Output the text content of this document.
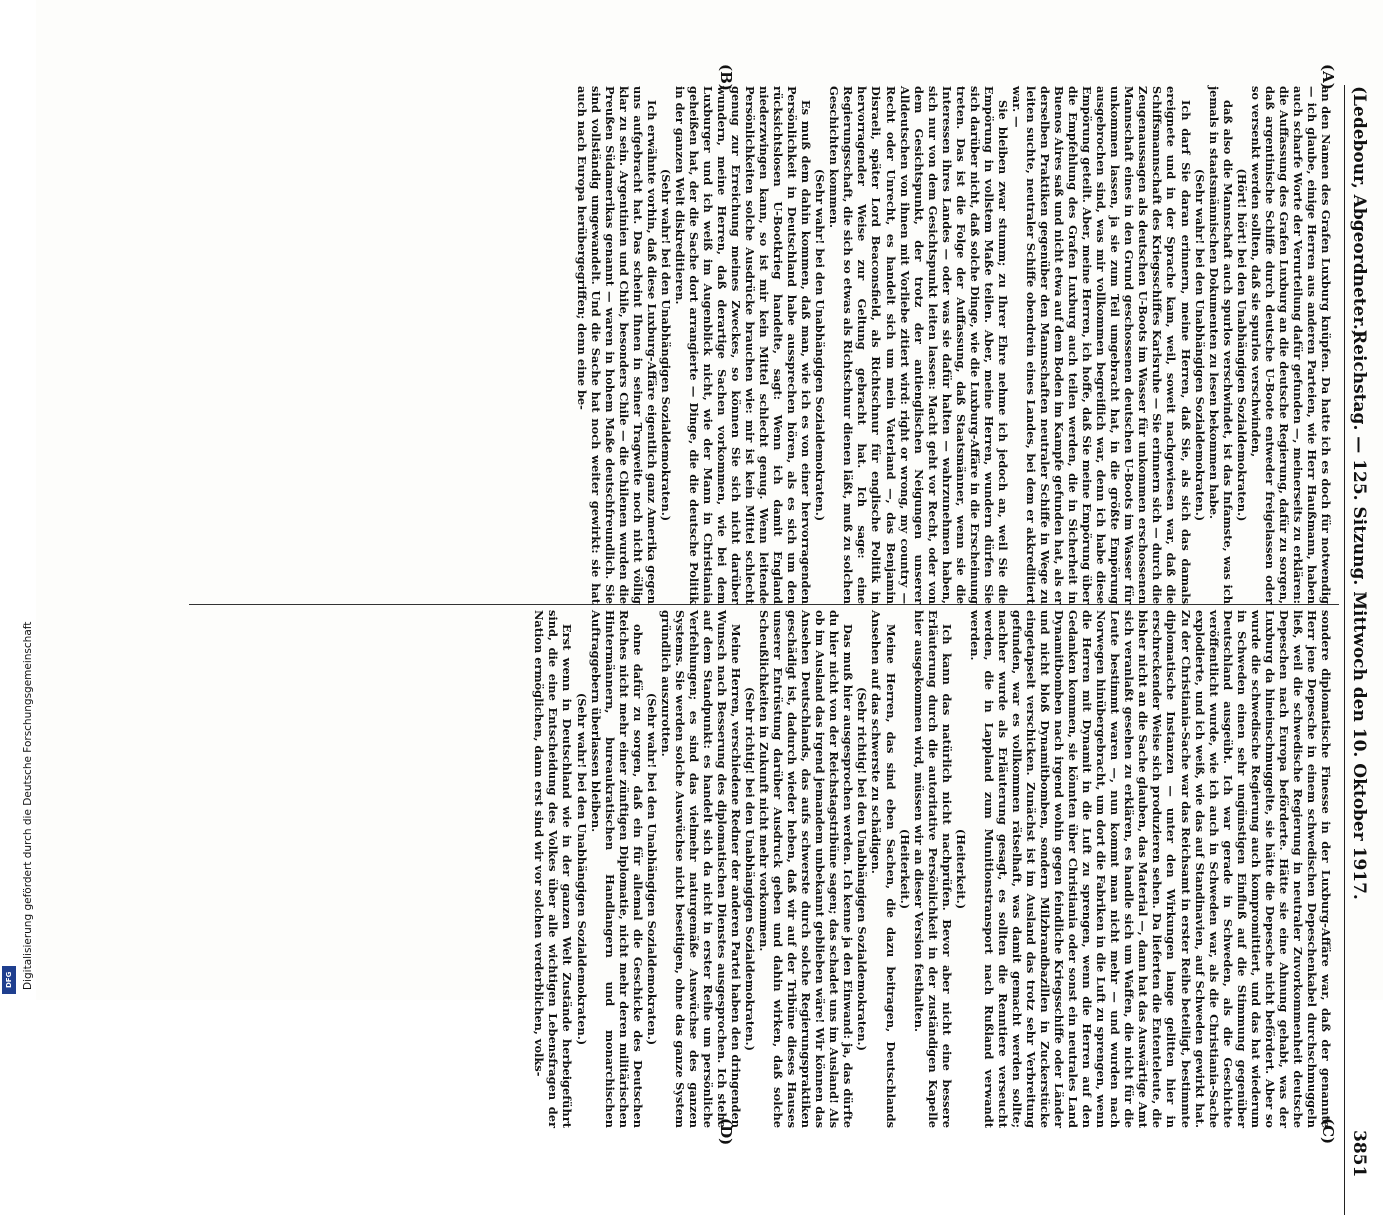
(Ledebour, Abgeordneter.)
Reichstag. — 125. Sitzung. Mittwoch den 10. Oktober 1917.
3851
(A)
(B)
(C)
(D)

an den Namen des Grafen Luxburg knüpfen. Da hatte ich es doch für notwendig — ich glaube, einige Herren aus anderen Parteien, wie Herr Haußmann, haben auch scharfe Worte der Verurteilung dafür gefunden —, meinerseits zu erklären: die Auffassung des Grafen Luxburg an die deutsche Regierung, dafür zu sorgen, daß argentinische Schiffe durch deutsche U-Boote entweder freigelassen oder so versenkt werden sollten, daß sie spurlos verschwinden,

(Hört! hört! bei den Unabhängigen Sozialdemokraten.)

daß also die Mannschaft auch spurlos verschwindet, ist das Infamste, was ich jemals in staatsmännischen Dokumenten zu lesen bekommen habe.

(Sehr wahr! bei den Unabhängigen Sozialdemokraten.)

Ich darf Sie daran erinnern, meine Herren, daß Sie, als sich das damals ereignete und in der Sprache kam, weil, soweit nachgewiesen war, daß die Schiffsmannschaft des Kriegsschiffes Karlsruhe — Sie erinnern sich — durch die Zeugenaussagen als deutschen U-Boots im Wasser für unkommen erschossenen Mannschaft eines in den Grund geschossenen deutschen U-Boots im Wasser für unkommen lassen, ja sie zum Teil umgebracht hat, in die größte Empörung ausgebrochen sind, was mir vollkommen begreiflich war, denn ich habe diese Empörung geteilt. Aber, meine Herren, ich hoffe, daß Sie meine Empörung über die Empfehlung des Grafen Luxburg auch teilen werden, die in Sicherheit in Buenos Aires saß und nicht etwa auf dem Boden im Kampfe gefunden hat, als er derselben Praktiken gegenüber den Mannschaften neutraler Schiffe in Wege zu leiten suchte, neutraler Schiffe obendrein eines Landes, bei dem er akkreditiert war. —

Sie bleiben zwar stumm; zu Ihrer Ehre nehme ich jedoch an, weil Sie die Empörung in vollstem Maße teilen. Aber, meine Herren, wundern dürfen Sie sich darüber nicht, daß solche Dinge, wie die Luxburg-Affäre in die Erscheinung treten. Das ist die Folge der Auffassung, daß Staatsmänner, wenn sie die Interessen ihres Landes — oder was sie dafür halten — wahrzunehmen haben, sich nur von dem Gesichtspunkt leiten lassen: Macht geht vor Recht, oder von dem Gesichtspunkt, der trotz der antienglischen Neigungen unserer Alldeutschen von ihnen mit Vorliebe zitiert wird: right or wrong, my country — Recht oder Unrecht, es handelt sich um mein Vaterland —, das Benjamin Disraeli, später Lord Beaconsfield, als Richtschnur für englische Politik in hervorragender Weise zur Geltung gebracht hat. Ich sage: eine Regierungsschaft, die sich so etwas als Richtschnur dienen läßt, muß zu solchen Geschichten kommen.

(Sehr wahr! bei den Unabhängigen Sozialdemokraten.)

Es muß dem dahin kommen, daß man, wie ich es von einer hervorragenden Persönlichkeit in Deutschland habe aussprechen hören, als es sich um den rücksichtslosen U-Bootkrieg handelte, sagt: Wenn ich damit England niederzwingen kann, so ist mir kein Mittel schlecht genug. Wenn leitende Persönlichkeiten solche Ausdrücke brauchen wie: mir ist kein Mittel schlecht genug zur Erreichung meines Zweckes, so können Sie sich nicht darüber wundern, meine Herren, daß derartige Sachen vorkommen, wie bei dem Luxburger und ich weiß im Augenblick nicht, wie der Mann in Christiania geheißen hat, der die Sache dort arrangierte — Dinge, die die deutsche Politik in der ganzen Welt diskreditieren.

(Sehr wahr! bei den Unabhängigen Sozialdemokraten.)

Ich erwähnte vorhin, daß diese Luxburg-Affäre eigentlich ganz Amerika gegen uns aufgebracht hat. Das scheint Ihnen in seiner Tragweite noch nicht völlig klar zu sein. Argentinien und Chile, besonders Chile — die Chilenen wurden die Preußen Südamerikas genannt — waren in hohem Maße deutschfreundlich. Sie sind vollständig umgewandelt. Und die Sache hat noch weiter gewirkt: sie hat auch nach Europa herübergegriffen; denn eine be-

sondere diplomatische Finesse in der Luxburg-Affäre war, daß der genannte Herr jene Depesche in einem schwedischen Depeschenkabel durchschmuggeln ließ, weil die schwedische Regierung in neutraler Zuvorkommenheit deutsche Depeschen nach Europa beförderte. Hätte sie eine Ahnung gehabt, was der Luxburg da hineinschmuggelte, sie hätte die Depesche nicht befördert. Aber so wurde die schwedische Regierung auch kompromittiert, und das hat wiederum in Schweden einen sehr ungünstigen Einfluß auf die Stimmung gegenüber Deutschland ausgeübt. Ich war gerade in Schweden, als die Geschichte veröffentlicht wurde, wie ich auch in Schweden war, als die Christiania-Sache explodierte, und ich weiß, wie das auf Standinavien, auf Schweden gewirkt hat. Zu der Christiania-Sache war das Reichsamt in erster Reihe beteiligt, bestimmte diplomatische Instanzen — unter den Wirkungen lange gelitten hier in erschreckender Weise sich produzieren sehen. Da lieferten die Ententeleute, die bisher nicht an die Sache glauben, das Material —, dann hat das Auswärtige Amt sich veranlaßt gesehen zu erklären, es handle sich um Waffen, die nicht für die Leute bestimmt waren —, nun kommt man nicht mehr — und wurden nach Norwegen hinübergebracht, um dort die Fabriken in die Luft zu sprengen, wenn die Herren mit Dynamit in die Luft zu sprengen, wenn die Herren auf den Gedanken kommen, sie könnten über Christiania oder sonst ein neutrales Land Dynamitbomben nach irgend wohin gegen feindliche Kriegsschiffe oder Länder und nicht bloß Dynamitbomben, sondern Milzbrandbazillen in Zuckerstücke eingetapselt verschicken. Zunächst ist im Ausland das trotz sehr Verbreitung gefunden, war es vollkommen rätselhaft, was damit gemacht werden sollte; nachher wurde als Erläuterung gesagt, es sollten die Renntiere verseucht werden, die in Lappland zum Munitionstransport nach Rußland verwandt werden.

(Heiterkeit.)

Ich kann das natürlich nicht nachprüfen. Bevor aber nicht eine bessere Erläuterung durch die autoritative Persönlichkeit in der zuständigen Kapelle hier ausgekommen wird, müssen wir an dieser Version festhalten.

(Heiterkeit.)

Meine Herren, das sind eben Sachen, die dazu beitragen, Deutschlands Ansehen auf das schwerste zu schädigen.

(Sehr richtig! bei den Unabhängigen Sozialdemokraten.)

Das muß hier ausgesprochen werden. Ich kenne ja den Einwand: ja, das dürfte du hier nicht von der Reichstagstribüne sagen; das schadet uns im Ausland! Als ob im Ausland das irgend jemandem unbekannt geblieben wäre! Wir können das Ansehen Deutschlands, das aufs schwerste durch solche Regierungspraktiken geschädigt ist, dadurch wieder heben, daß wir auf der Tribüne dieses Hauses unserer Entrüstung darüber Ausdruck geben und dahin wirken, daß solche Scheußlichkeiten in Zukunft nicht mehr vorkommen.

(Sehr richtig! bei den Unabhängigen Sozialdemokraten.)

Meine Herren, verschiedene Redner der anderen Partei haben den dringenden Wunsch nach Besserung des diplomatischen Dienstes ausgesprochen. Ich stehe auf dem Standpunkt: es handelt sich da nicht in erster Reihe um persönliche Verfehlungen; es sind das vielmehr naturgemäße Auswüchse des ganzen Systems. Sie werden solche Auswüchse nicht beseitigen, ohne das ganze System gründlich auszurotten.

(Sehr wahr! bei den Unabhängigen Sozialdemokraten.)

ohne dafür zu sorgen, daß ein für allemal die Geschicke des Deutschen Reiches nicht mehr einer zünftigen Diplomatie, nicht mehr deren militärischen Hintermännern, bureaukratischen Handlangern und monarchischen Auftraggebern überlassen bleiben.

(Sehr wahr! bei den Unabhängigen Sozialdemokraten.)

Erst wenn in Deutschland wie in der ganzen Welt Zustände herbeigeführt sind, die eine Entscheidung des Volkes über alle wichtigen Lebensfragen der Nation ermöglichen, dann erst sind wir vor solchen verderblichen, volks-

Digitalisierung gefördert durch die Deutsche Forschungsgemeinschaft
DFG
